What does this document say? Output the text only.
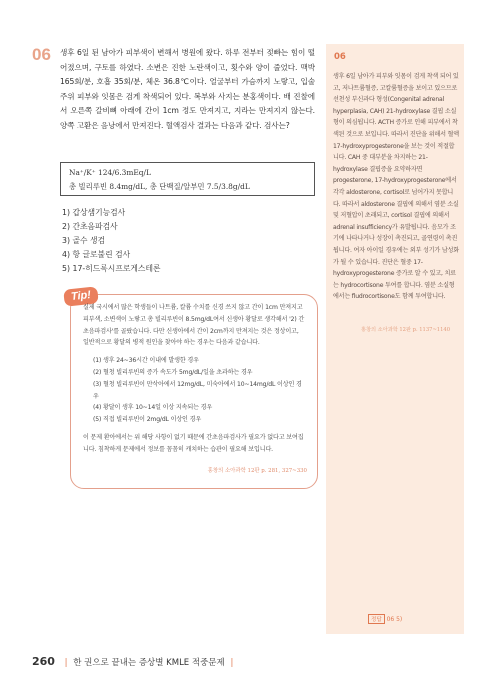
06 생후 6일 된 남아가 피부색이 변해서 병원에 왔다. 하루 전부터 젖빠는 힘이 떨어졌으며, 구토를 하였다. 소변은 진한 노란색이고, 횟수와 양이 줄었다. 맥박 165회/분, 호흡 35회/분, 체온 36.8℃이다. 얼굴부터 가슴까지 노랗고, 입술 주위 피부와 잇몸은 검게 착색되어 있다. 복부와 사지는 분홍색이다. 배 진찰에서 오른쪽 갈비뼈 아래에 간이 1cm 정도 만져지고, 지라는 만져지지 않는다. 양쪽 고환은 음낭에서 만져진다. 혈액검사 결과는 다음과 같다. 검사는?
Na⁺/K⁺ 124/6.3mEq/L
총 빌리루빈 8.4mg/dL, 총 단백질/알부민 7.5/3.8g/dL
1) 갑상샘기능검사
2) 간초음파검사
3) 골수 생검
4) 항 글로불린 검사
5) 17-히드록시프로게스테론
홍창의 소아과학 12판 p. 281, 327~330
Tip!
실제 국시에서 많은 학생들이 나트륨, 칼륨 수치를 신경 쓰지 않고 간이 1cm 만져지고 피부색, 소변색이 노랗고 총 빌리루빈이 8.5mg/dL여서 신생아 황달로 생각해서 '2) 간초음파검사'를 골랐습니다. 다만 신생아에서 간이 2cm까지 만져지는 것은 정상이고, 일반적으로 황달의 병적 원인을 찾아야 하는 경우는 다음과 같습니다.
(1) 생후 24~36시간 이내에 발생한 경우
(2) 혈청 빌리루빈의 증가 속도가 5mg/dL/일을 초과하는 경우
(3) 혈청 빌리루빈이 만삭아에서 12mg/dL, 미숙아에서 10~14mg/dL 이상인 경우
(4) 황달이 생후 10~14일 이상 지속되는 경우
(5) 직접 빌리루빈이 2mg/dL 이상인 경우
이 문제 환아에서는 위 해당 사항이 없기 때문에 간초음파검사가 필요가 없다고 보여집니다. 침착하게 문제에서 정보를 꼼꼼히 캐치하는 습관이 필요해 보입니다.
06
생후 6일 남아가 피부와 잇몸이 검게 착색 되어 있고, 저나트륨혈증, 고칼륨혈증을 보이고 있으므로 선천성 부신과다 형성(Congenital adrenal hyperplasia, CAH) 21-hydroxylase 결핍 소실형이 의심됩니다. ACTH 증가로 인해 피부에서 착색된 것으로 보입니다. 따라서 진단을 위해서 혈액 17-hydroxyprogesterone을 보는 것이 적절합니다. CAH 중 대부분을 차지하는 21-hydroxylase 결핍증을 요약하자면 progesterone, 17-hydroxyprogesterone에서 각각 aldosterone, cortisol로 넘어가지 못합니다. 따라서 aldosterone 결핍에 의해서 염분 소실 및 저혈압이 초래되고, cortisol 결핍에 의해서 adrenal insufficiency가 유발됩니다. 음모가 조기에 나타나거나 성장이 촉진되고, 골연령이 촉진됩니다. 여자 아이일 경우에는 외부 성기가 남성화가 될 수 있습니다. 진단은 혈중 17-hydroxyprogesterone 증가로 알 수 있고, 치료는 hydrocortisone 투여를 합니다. 염분 소실형에서는 fludrocortisone도 함께 투여합니다.
홍창의 소아과학 12판 p. 1137~1140
정답 06 5)
260 | 한 권으로 끝내는 증상별 KMLE 적중문제 |
